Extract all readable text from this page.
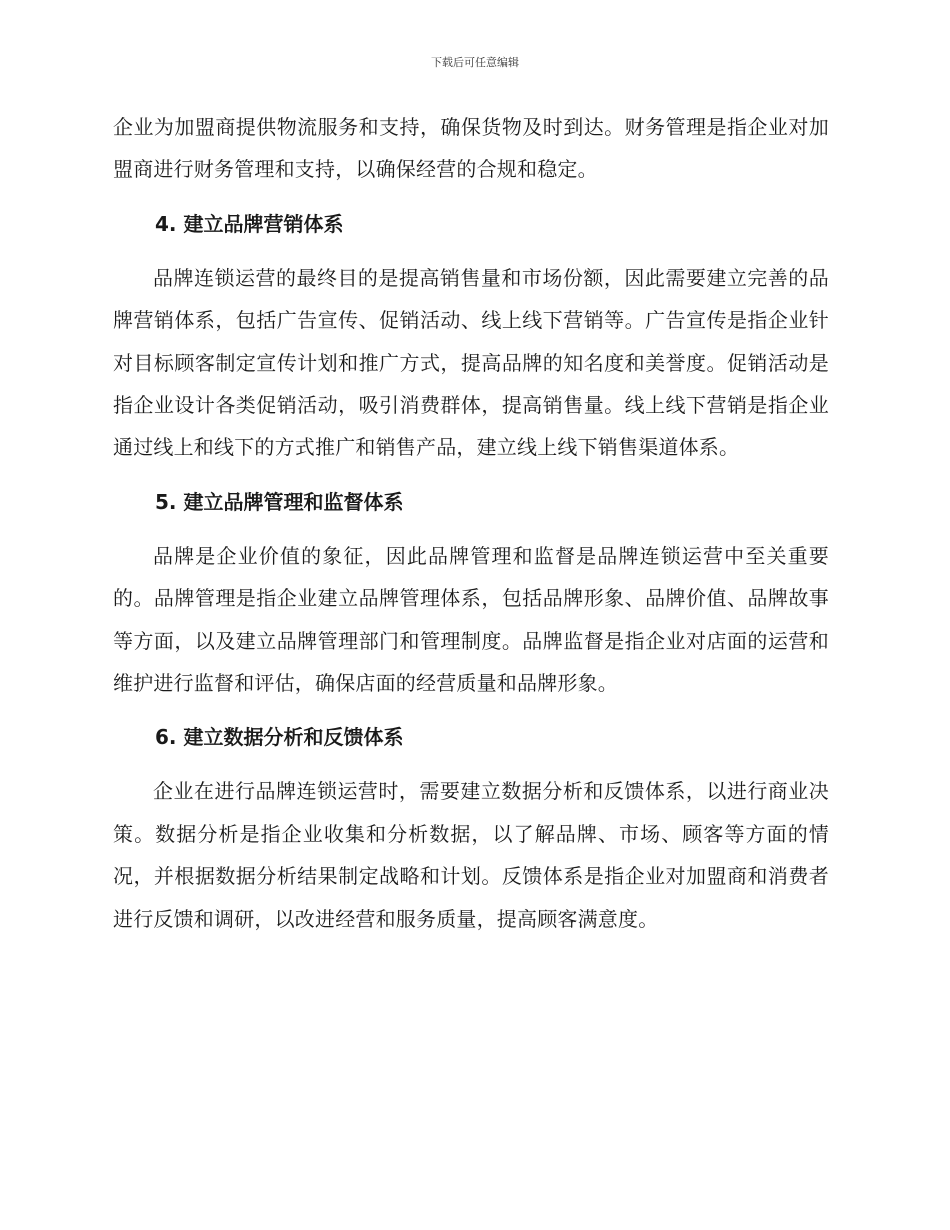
下载后可任意编辑

企业为加盟商提供物流服务和支持，确保货物及时到达。财务管理是指企业对加盟商进行财务管理和支持，以确保经营的合规和稳定。

4. 建立品牌营销体系

品牌连锁运营的最终目的是提高销售量和市场份额，因此需要建立完善的品牌营销体系，包括广告宣传、促销活动、线上线下营销等。广告宣传是指企业针对目标顾客制定宣传计划和推广方式，提高品牌的知名度和美誉度。促销活动是指企业设计各类促销活动，吸引消费群体，提高销售量。线上线下营销是指企业通过线上和线下的方式推广和销售产品，建立线上线下销售渠道体系。

5. 建立品牌管理和监督体系

品牌是企业价值的象征，因此品牌管理和监督是品牌连锁运营中至关重要的。品牌管理是指企业建立品牌管理体系，包括品牌形象、品牌价值、品牌故事等方面，以及建立品牌管理部门和管理制度。品牌监督是指企业对店面的运营和维护进行监督和评估，确保店面的经营质量和品牌形象。

6. 建立数据分析和反馈体系

企业在进行品牌连锁运营时，需要建立数据分析和反馈体系，以进行商业决策。数据分析是指企业收集和分析数据，以了解品牌、市场、顾客等方面的情况，并根据数据分析结果制定战略和计划。反馈体系是指企业对加盟商和消费者进行反馈和调研，以改进经营和服务质量，提高顾客满意度。
